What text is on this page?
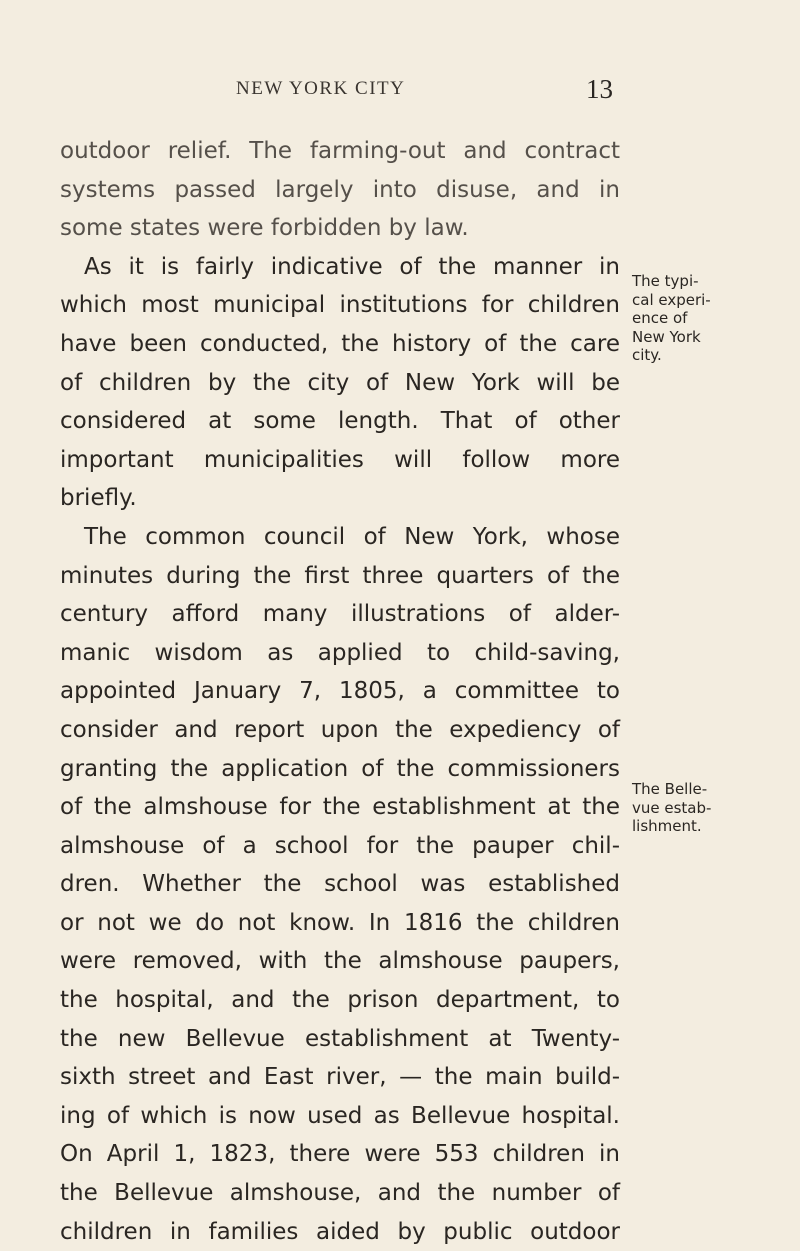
NEW YORK CITY	13
outdoor relief. The farming-out and contract
systems passed largely into disuse, and in
some states were forbidden by law.
As it is fairly indicative of the manner in
which most municipal institutions for children
have been conducted, the history of the care
of children by the city of New York will be
considered at some length. That of other
important municipalities will follow more
briefly.
The common council of New York, whose
minutes during the first three quarters of the
century afford many illustrations of alder-
manic wisdom as applied to child-saving,
appointed January 7, 1805, a committee to
consider and report upon the expediency of
granting the application of the commissioners
of the almshouse for the establishment at the
almshouse of a school for the pauper chil-
dren. Whether the school was established
or not we do not know. In 1816 the children
were removed, with the almshouse paupers,
the hospital, and the prison department, to
the new Bellevue establishment at Twenty-
sixth street and East river, — the main build-
ing of which is now used as Bellevue hospital.
On April 1, 1823, there were 553 children in
the Bellevue almshouse, and the number of
children in families aided by public outdoor
The typi-
cal experi-
ence of
New York
city.
The Belle-
vue estab-
lishment.
